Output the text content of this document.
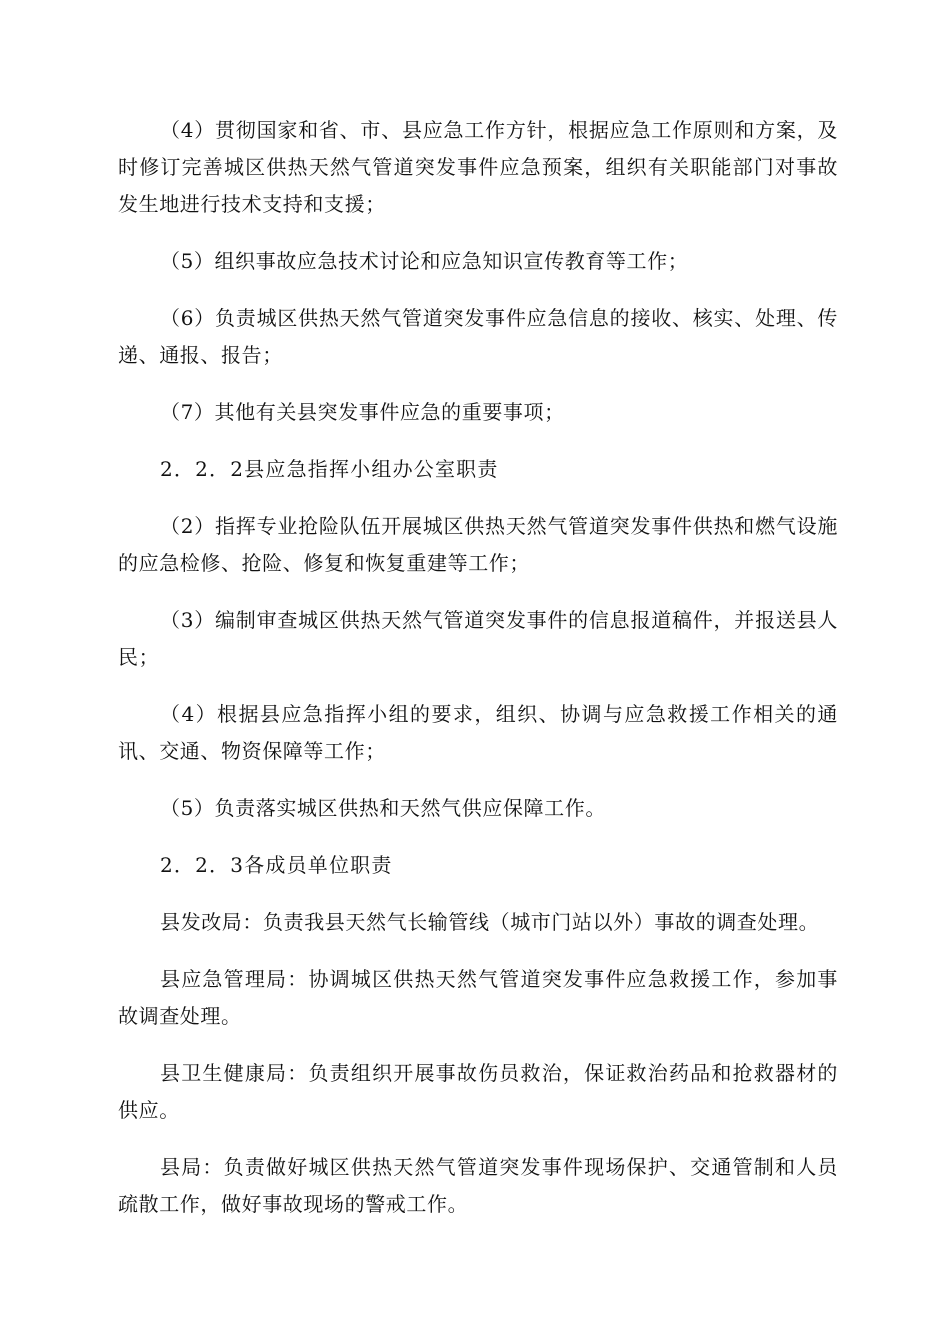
（4）贯彻国家和省、市、县应急工作方针，根据应急工作原则和方案，及时修订完善城区供热天然气管道突发事件应急预案，组织有关职能部门对事故发生地进行技术支持和支援；

（5）组织事故应急技术讨论和应急知识宣传教育等工作；

（6）负责城区供热天然气管道突发事件应急信息的接收、核实、处理、传递、通报、报告；

（7）其他有关县突发事件应急的重要事项；

2．2．2县应急指挥小组办公室职责

（2）指挥专业抢险队伍开展城区供热天然气管道突发事件供热和燃气设施的应急检修、抢险、修复和恢复重建等工作；

（3）编制审查城区供热天然气管道突发事件的信息报道稿件，并报送县人民；

（4）根据县应急指挥小组的要求，组织、协调与应急救援工作相关的通讯、交通、物资保障等工作；

（5）负责落实城区供热和天然气供应保障工作。

2．2．3各成员单位职责

县发改局：负责我县天然气长输管线（城市门站以外）事故的调查处理。

县应急管理局：协调城区供热天然气管道突发事件应急救援工作，参加事故调查处理。

县卫生健康局：负责组织开展事故伤员救治，保证救治药品和抢救器材的供应。

县局：负责做好城区供热天然气管道突发事件现场保护、交通管制和人员疏散工作，做好事故现场的警戒工作。
